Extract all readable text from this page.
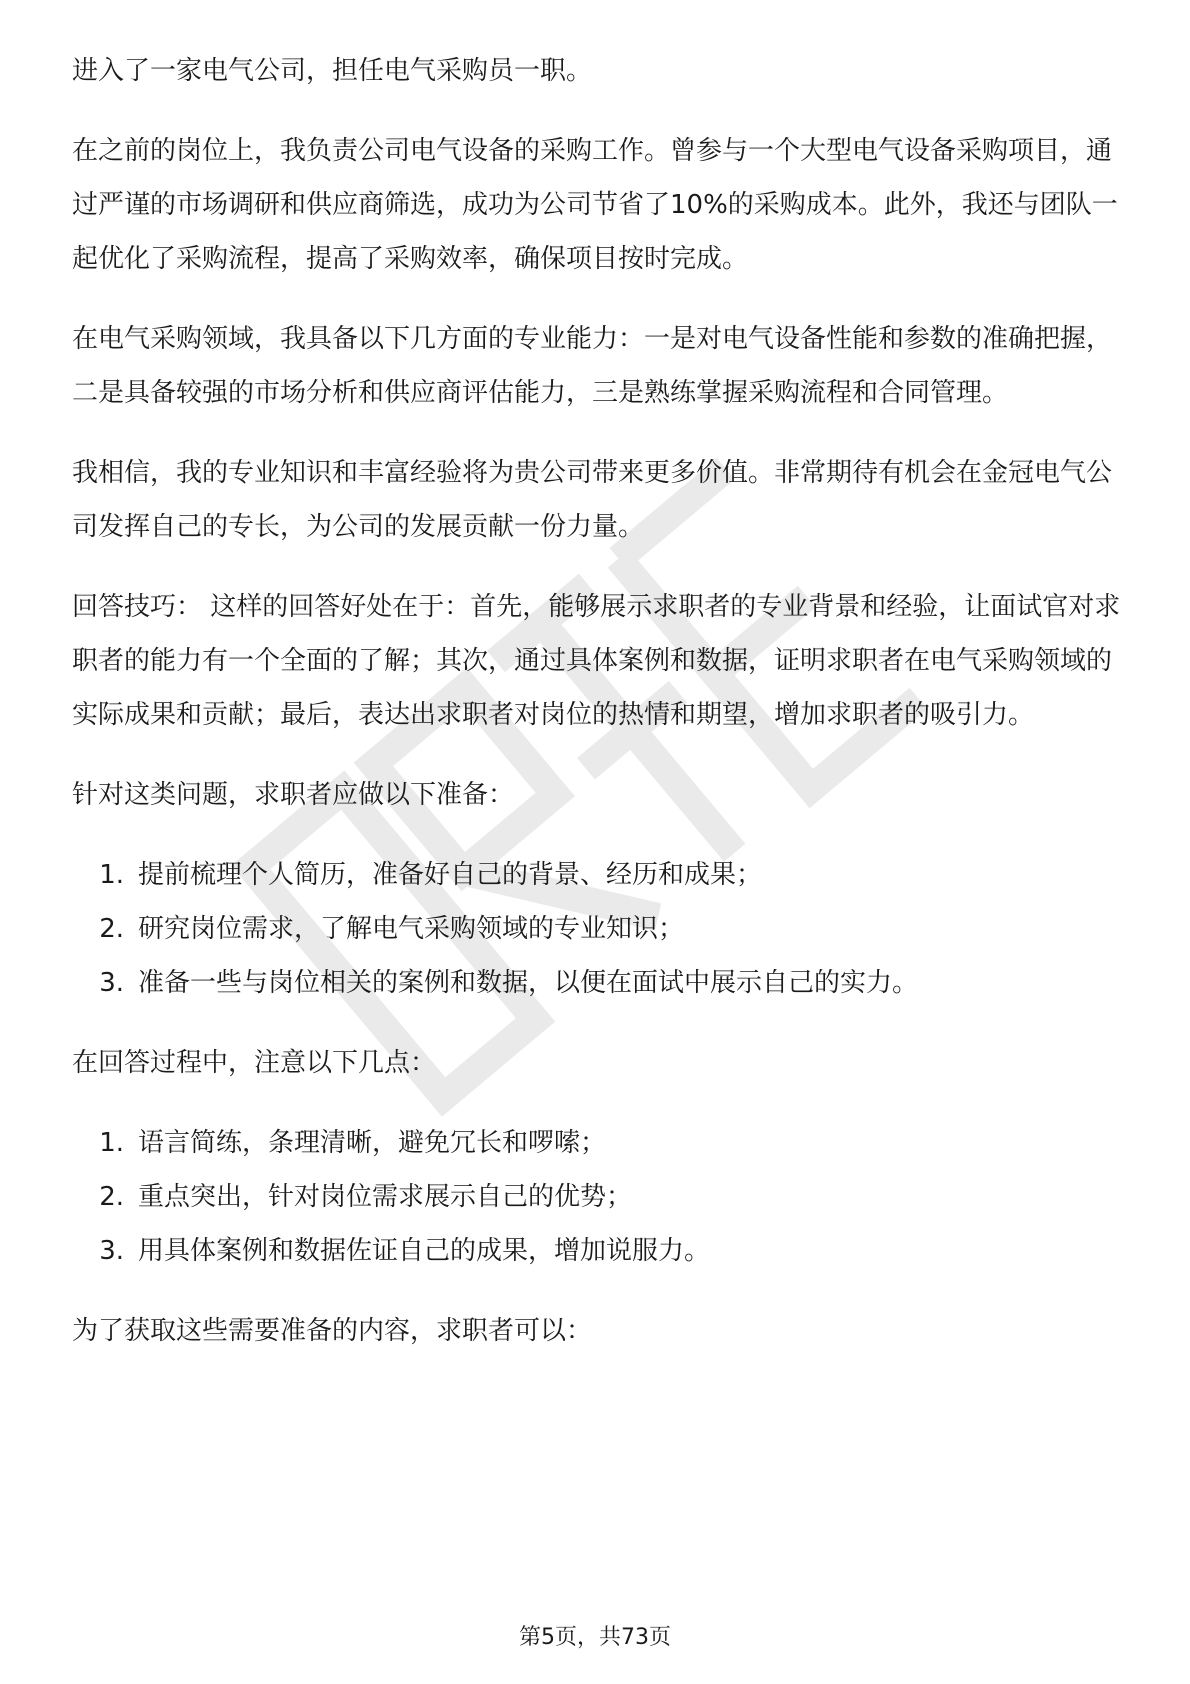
进入了一家电气公司，担任电气采购员一职。

在之前的岗位上，我负责公司电气设备的采购工作。曾参与一个大型电气设备采购项目，通过严谨的市场调研和供应商筛选，成功为公司节省了10%的采购成本。此外，我还与团队一起优化了采购流程，提高了采购效率，确保项目按时完成。

在电气采购领域，我具备以下几方面的专业能力：一是对电气设备性能和参数的准确把握，二是具备较强的市场分析和供应商评估能力，三是熟练掌握采购流程和合同管理。

我相信，我的专业知识和丰富经验将为贵公司带来更多价值。非常期待有机会在金冠电气公司发挥自己的专长，为公司的发展贡献一份力量。

回答技巧： 这样的回答好处在于：首先，能够展示求职者的专业背景和经验，让面试官对求职者的能力有一个全面的了解；其次，通过具体案例和数据，证明求职者在电气采购领域的实际成果和贡献；最后，表达出求职者对岗位的热情和期望，增加求职者的吸引力。

针对这类问题，求职者应做以下准备：

1. 提前梳理个人简历，准备好自己的背景、经历和成果；
2. 研究岗位需求，了解电气采购领域的专业知识；
3. 准备一些与岗位相关的案例和数据，以便在面试中展示自己的实力。

在回答过程中，注意以下几点：

1. 语言简练，条理清晰，避免冗长和啰嗦；
2. 重点突出，针对岗位需求展示自己的优势；
3. 用具体案例和数据佐证自己的成果，增加说服力。

为了获取这些需要准备的内容，求职者可以：

第5页，共73页
